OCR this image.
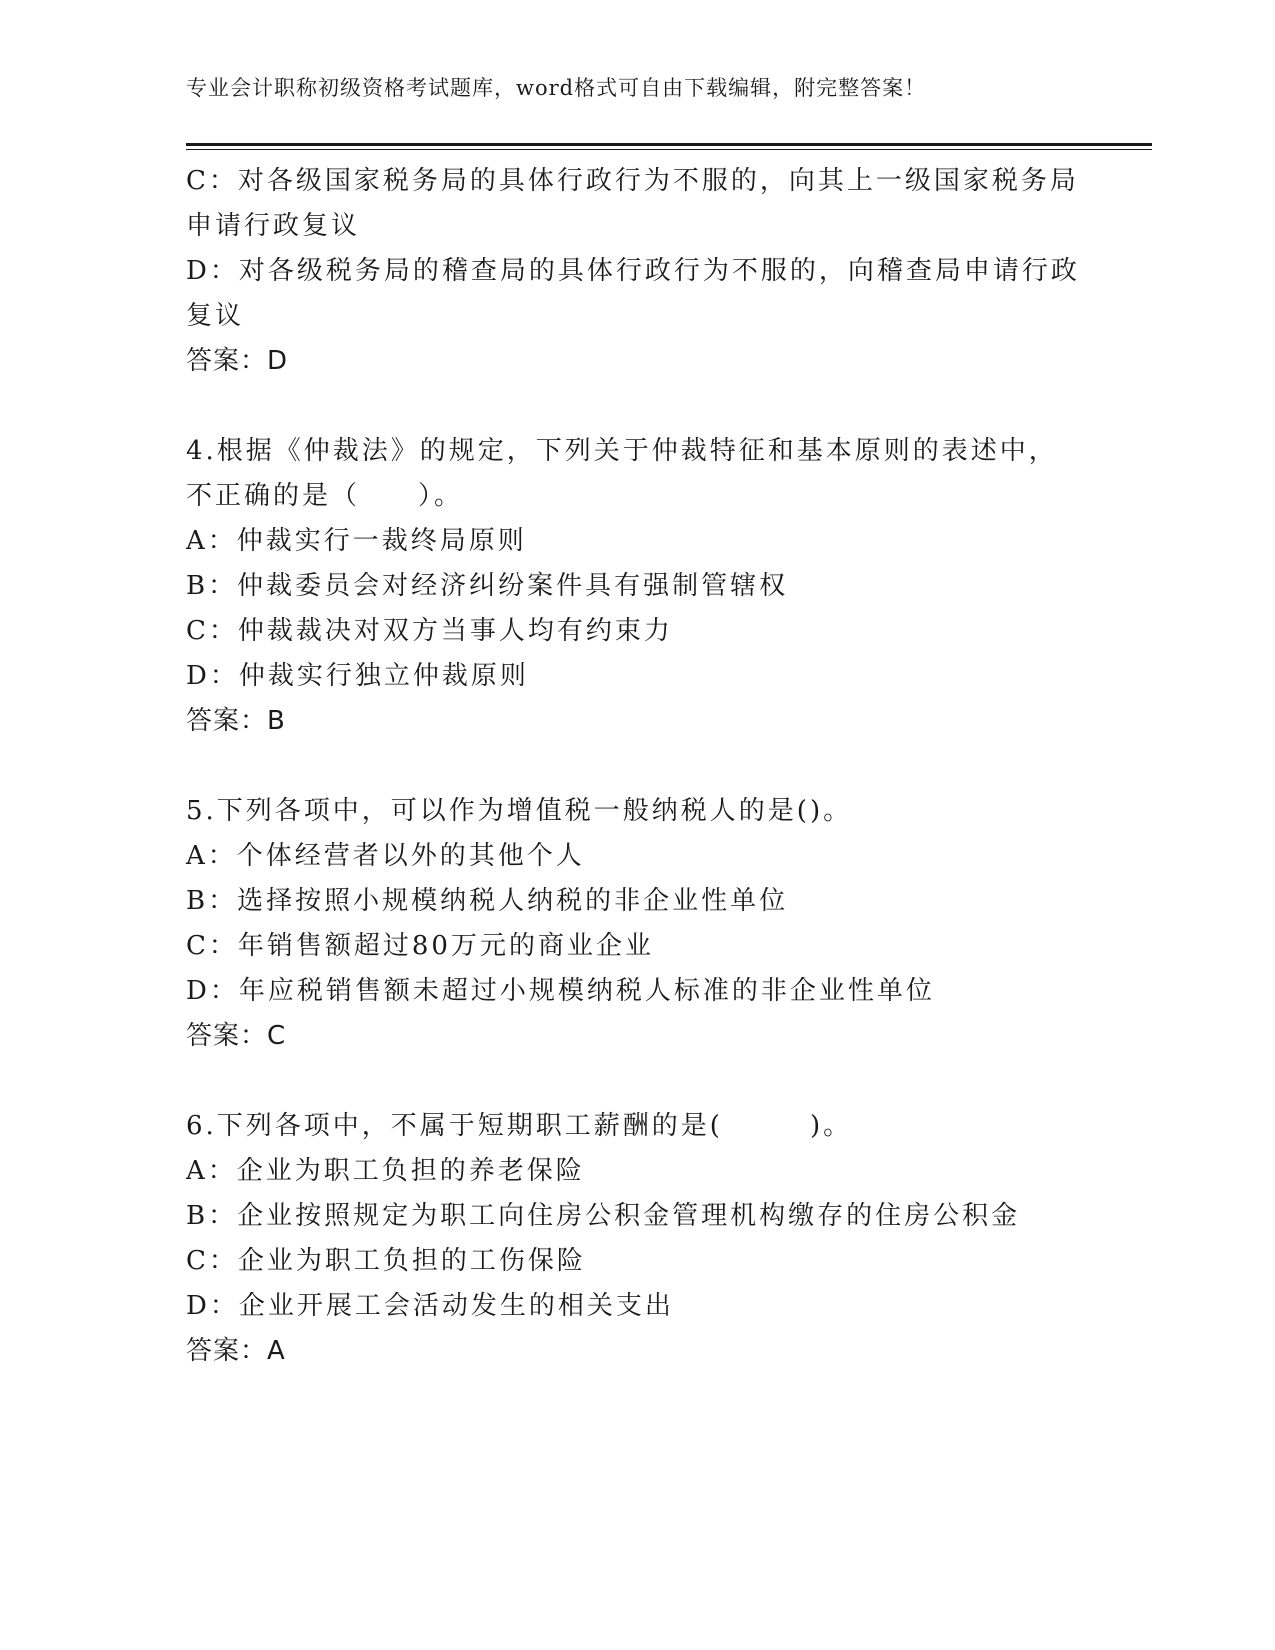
专业会计职称初级资格考试题库，word格式可自由下载编辑，附完整答案！
C：对各级国家税务局的具体行政行为不服的，向其上一级国家税务局
申请行政复议
D：对各级税务局的稽查局的具体行政行为不服的，向稽查局申请行政
复议
答案：D
4.根据《仲裁法》的规定，下列关于仲裁特征和基本原则的表述中，
不正确的是（　　）。
A：仲裁实行一裁终局原则
B：仲裁委员会对经济纠纷案件具有强制管辖权
C：仲裁裁决对双方当事人均有约束力
D：仲裁实行独立仲裁原则
答案：B
5.下列各项中，可以作为增值税一般纳税人的是()。
A：个体经营者以外的其他个人
B：选择按照小规模纳税人纳税的非企业性单位
C：年销售额超过80万元的商业企业
D：年应税销售额未超过小规模纳税人标准的非企业性单位
答案：C
6.下列各项中，不属于短期职工薪酬的是(　　　)。
A：企业为职工负担的养老保险
B：企业按照规定为职工向住房公积金管理机构缴存的住房公积金
C：企业为职工负担的工伤保险
D：企业开展工会活动发生的相关支出
答案：A
